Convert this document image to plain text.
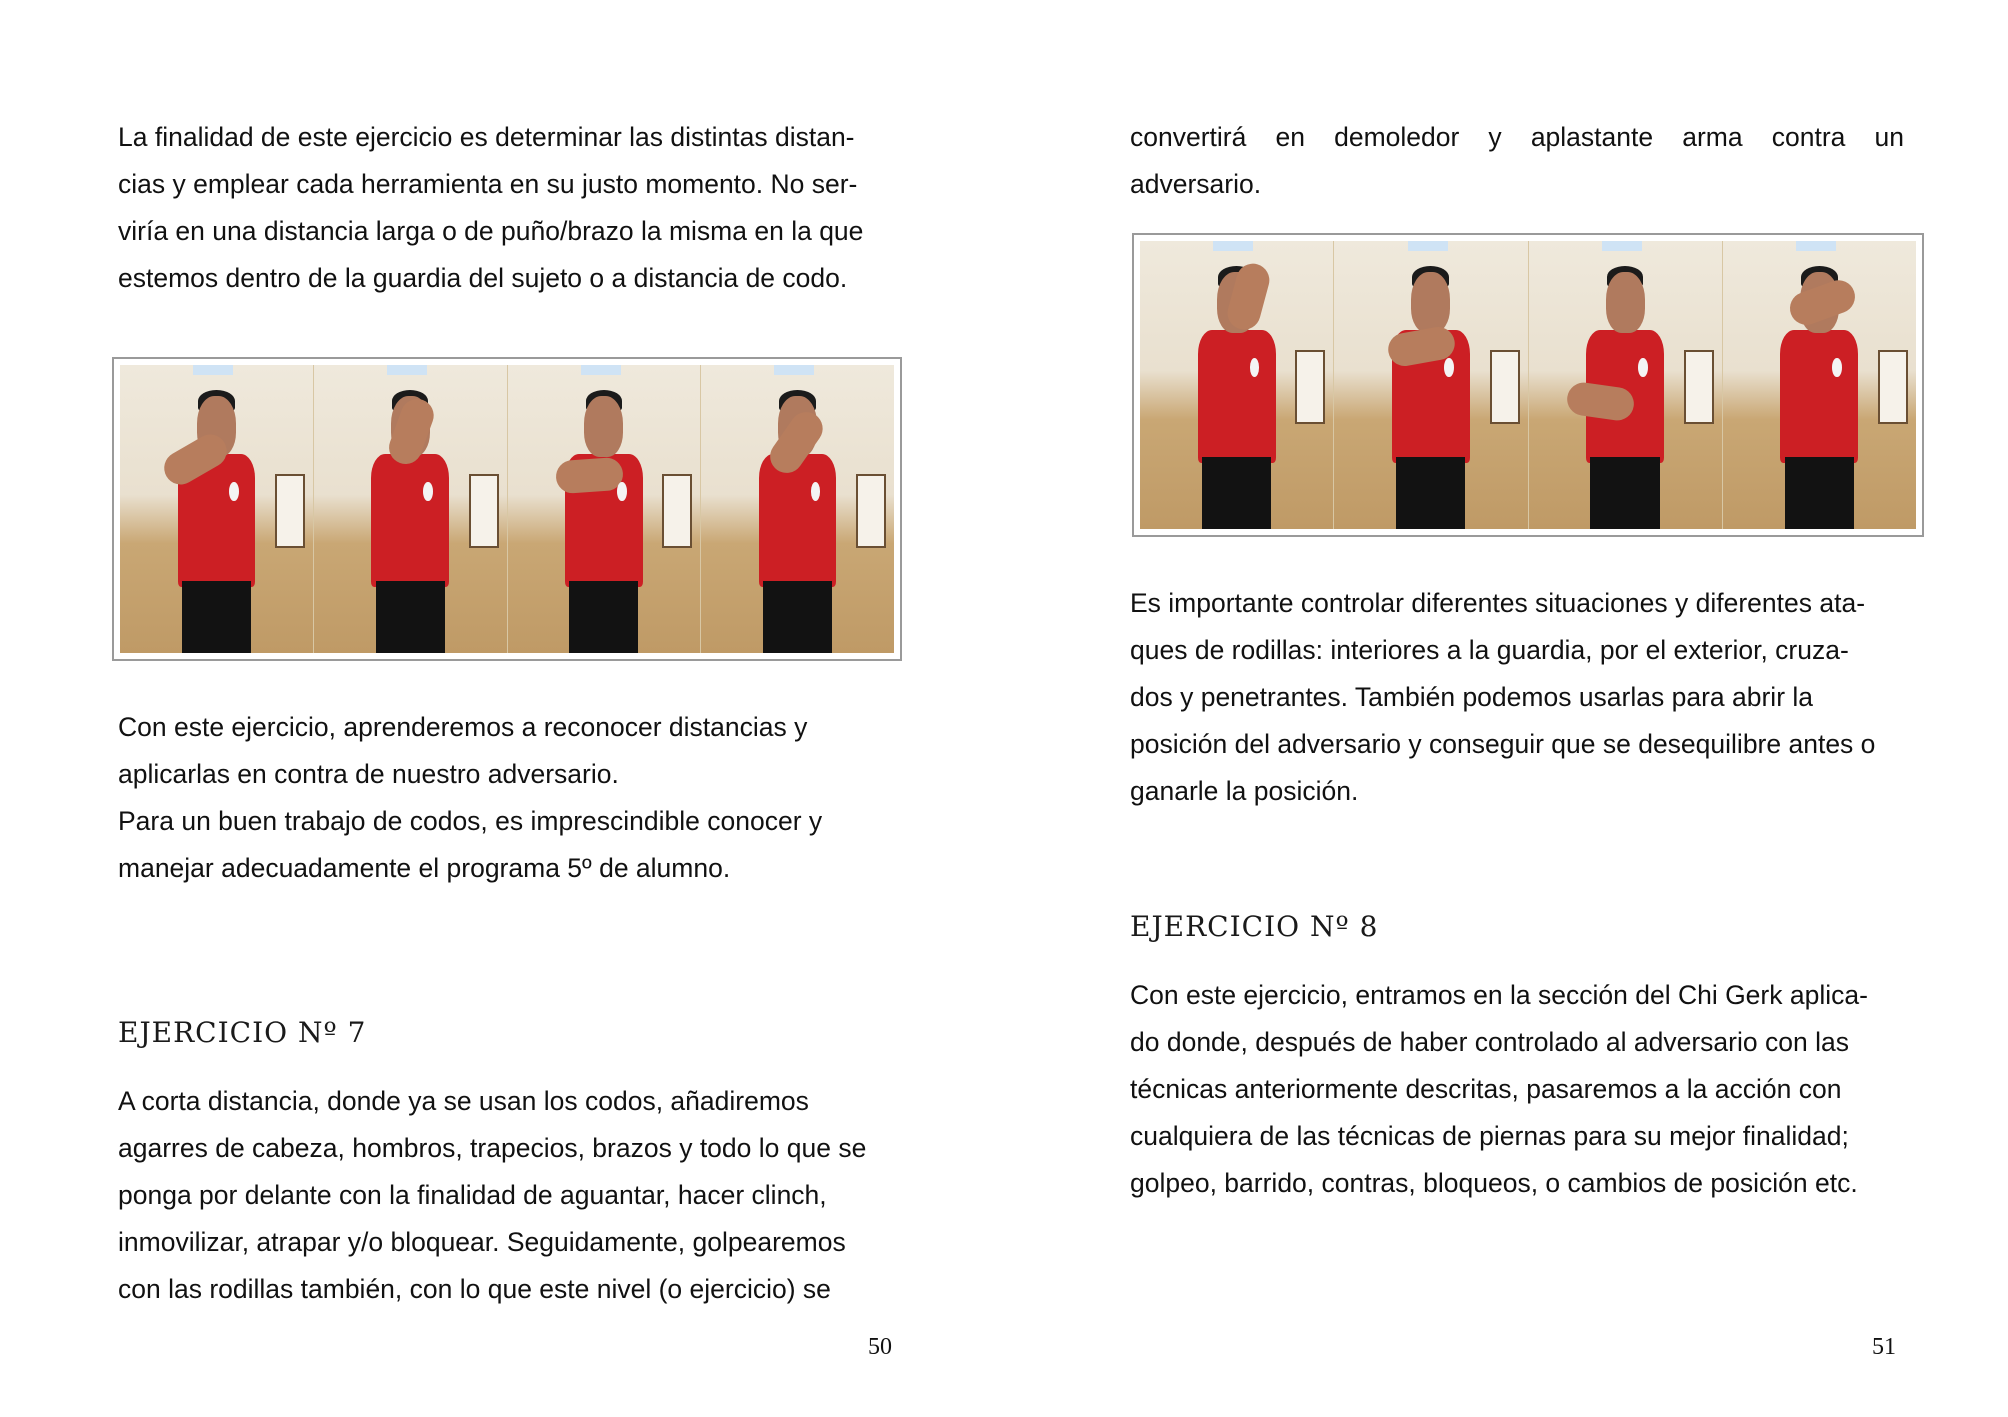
La finalidad de este ejercicio es determinar las distintas distan-
cias y emplear cada herramienta en su justo momento. No ser-
viría en una distancia larga o de puño/brazo la misma en la que
estemos dentro de la guardia del sujeto o a distancia de codo.
Con este ejercicio, aprenderemos a reconocer distancias y
aplicarlas en contra de nuestro adversario.
Para un buen trabajo de codos, es imprescindible conocer y
manejar adecuadamente el programa 5º de alumno.
EJERCICIO Nº 7
A corta distancia, donde ya se usan los codos, añadiremos
agarres de cabeza, hombros, trapecios, brazos y todo lo que se
ponga por delante con la finalidad de aguantar, hacer clinch,
inmovilizar, atrapar y/o bloquear. Seguidamente, golpearemos
con las rodillas también, con lo que este nivel (o ejercicio) se
50
convertirá en demoledor y aplastante arma contra un
adversario.
Es importante controlar diferentes situaciones y diferentes ata-
ques de rodillas: interiores a la guardia, por el exterior, cruza-
dos y penetrantes. También podemos usarlas para abrir la
posición del adversario y conseguir que se desequilibre antes o
ganarle la posición.
EJERCICIO Nº 8
Con este ejercicio, entramos en la sección del Chi Gerk aplica-
do donde, después de haber controlado al adversario con las
técnicas anteriormente descritas, pasaremos a la acción con
cualquiera de las técnicas de piernas para su mejor finalidad;
golpeo, barrido, contras, bloqueos, o cambios de posición etc.
51
